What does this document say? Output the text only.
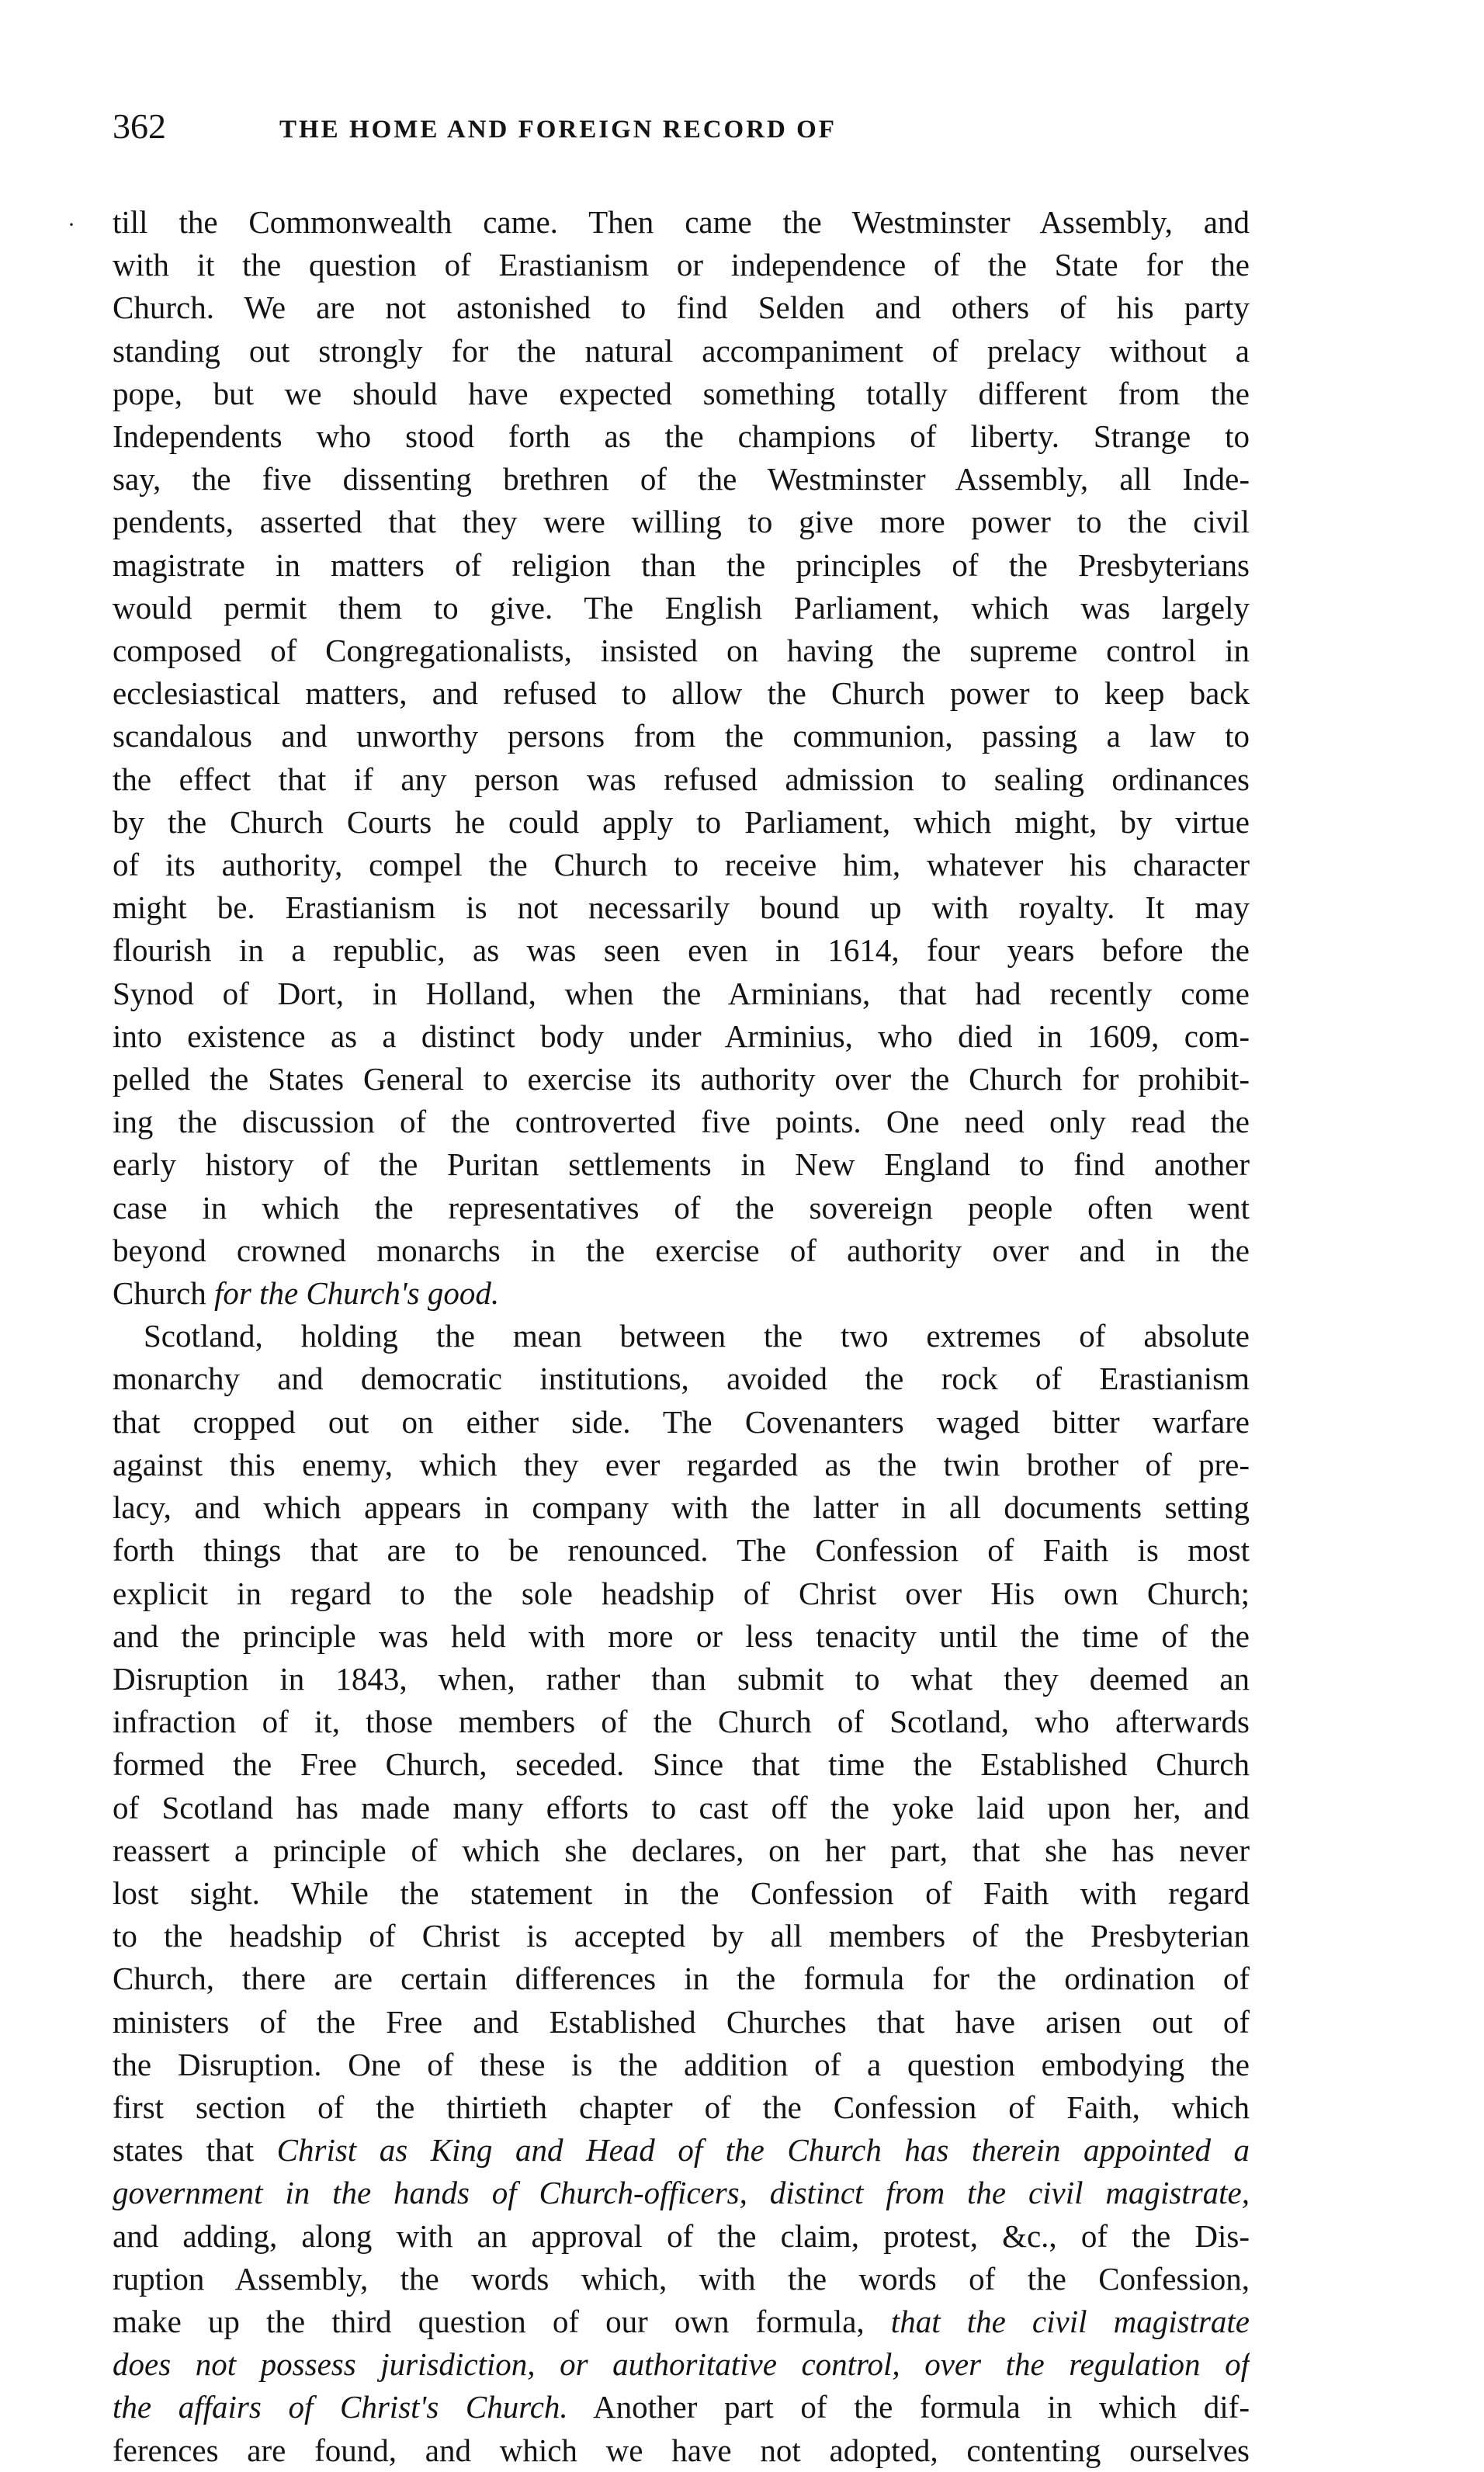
362	THE HOME AND FOREIGN RECORD OF
· till the Commonwealth came. Then came the Westminster Assembly, and
with it the question of Erastianism or independence of the State for the
Church. We are not astonished to find Selden and others of his party
standing out strongly for the natural accompaniment of prelacy without a
pope, but we should have expected something totally different from the
Independents who stood forth as the champions of liberty. Strange to
say, the five dissenting brethren of the Westminster Assembly, all Inde-
pendents, asserted that they were willing to give more power to the civil
magistrate in matters of religion than the principles of the Presbyterians
would permit them to give. The English Parliament, which was largely
composed of Congregationalists, insisted on having the supreme control in
ecclesiastical matters, and refused to allow the Church power to keep back
scandalous and unworthy persons from the communion, passing a law to
the effect that if any person was refused admission to sealing ordinances
by the Church Courts he could apply to Parliament, which might, by virtue
of its authority, compel the Church to receive him, whatever his character
might be. Erastianism is not necessarily bound up with royalty. It may
flourish in a republic, as was seen even in 1614, four years before the
Synod of Dort, in Holland, when the Arminians, that had recently come
into existence as a distinct body under Arminius, who died in 1609, com-
pelled the States General to exercise its authority over the Church for prohibit-
ing the discussion of the controverted five points. One need only read the
early history of the Puritan settlements in New England to find another
case in which the representatives of the sovereign people often went
beyond crowned monarchs in the exercise of authority over and in the
Church for the Church's good.
Scotland, holding the mean between the two extremes of absolute
monarchy and democratic institutions, avoided the rock of Erastianism
that cropped out on either side. The Covenanters waged bitter warfare
against this enemy, which they ever regarded as the twin brother of pre-
lacy, and which appears in company with the latter in all documents setting
forth things that are to be renounced. The Confession of Faith is most
explicit in regard to the sole headship of Christ over His own Church;
and the principle was held with more or less tenacity until the time of the
Disruption in 1843, when, rather than submit to what they deemed an
infraction of it, those members of the Church of Scotland, who afterwards
formed the Free Church, seceded. Since that time the Established Church
of Scotland has made many efforts to cast off the yoke laid upon her, and
reassert a principle of which she declares, on her part, that she has never
lost sight. While the statement in the Confession of Faith with regard
to the headship of Christ is accepted by all members of the Presbyterian
Church, there are certain differences in the formula for the ordination of
ministers of the Free and Established Churches that have arisen out of
the Disruption. One of these is the addition of a question embodying the
first section of the thirtieth chapter of the Confession of Faith, which
states that Christ as King and Head of the Church has therein appointed a
government in the hands of Church-officers, distinct from the civil magistrate,
and adding, along with an approval of the claim, protest, &c., of the Dis-
ruption Assembly, the words which, with the words of the Confession,
make up the third question of our own formula, that the civil magistrate
does not possess jurisdiction, or authoritative control, over the regulation of
the affairs of Christ's Church. Another part of the formula in which dif-
ferences are found, and which we have not adopted, contenting ourselves
